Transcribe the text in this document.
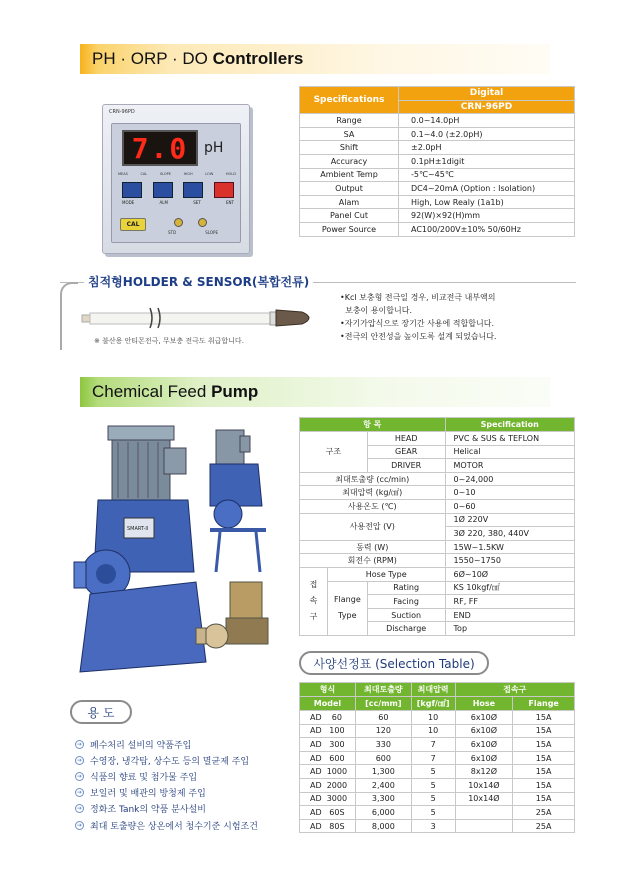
PH · ORP · DO Controllers
CRN-96PD
7.0 pH
MEAS	CAL	SLOPE	HIGH	LOW	HOLD
MODE	ALM	SET	ENT
CAL
STD	SLOPE
Specifications	Digital
	CRN-96PD
Range	0.0~14.0pH
SA	0.1~4.0 (±2.0pH)
Shift	±2.0pH
Accuracy	0.1pH±1digit
Ambient Temp	-5℃~45℃
Output	DC4~20mA (Option : Isolation)
Alam	High, Low Realy (1a1b)
Panel Cut	92(W)×92(H)mm
Power Source	AC100/200V±10% 50/60Hz
침적형HOLDER & SENSOR(복합전류)
※ 불산용 안티몬전극, 무보충 전극도 취급합니다.
•Kcl 보충형 전극일 경우, 비교전극 내부액의
보충이 용이합니다.
•자기가압식으로 장기간 사용에 적합합니다.
•전극의 안전성을 높이도록 설계 되었습니다.
Chemical Feed Pump
SMART-II
항 목			Specification
구조		HEAD	PVC & SUS & TEFLON
		GEAR	Helical
		DRIVER	MOTOR
최대토출량 (cc/min)			0~24,000
최대압력 (kg/㎠)			0~10
사용온도 (℃)			0~60
사용전압 (V)			1Ø 220V
			3Ø 220, 380, 440V
동력 (W)			15W~1.5KW
회전수 (RPM)			1550~1750
접
속
구	Hose Type		6Ø~10Ø
	Flange
Type	Rating	KS 10kgf/㎠
		Facing	RF, FF
		Suction	END
		Discharge	Top
사양선정표 (Selection Table)
형식	최대토출량	최대압력	접속구	
Model	[cc/mm]	[kgf/㎠]	Hose	Flange
AD    60	60	10	6x10Ø	15A
AD   100	120	10	6x10Ø	15A
AD   300	330	7	6x10Ø	15A
AD   600	600	7	6x10Ø	15A
AD  1000	1,300	5	8x12Ø	15A
AD  2000	2,400	5	10x14Ø	15A
AD  3000	3,300	5	10x14Ø	15A
AD   60S	6,000	5		25A
AD   80S	8,000	3		25A
용 도
➔ 폐수처리 설비의 약품주입
➔ 수영장, 냉각탑, 상수도 등의 멸균제 주입
➔ 식품의 향료 및 첨가물 주입
➔ 보일러 및 배관의 방청제 주입
➔ 정화조 Tank의 약품 분사설비
➔ 최대 토출량은 상온에서 청수기준 시험조건
